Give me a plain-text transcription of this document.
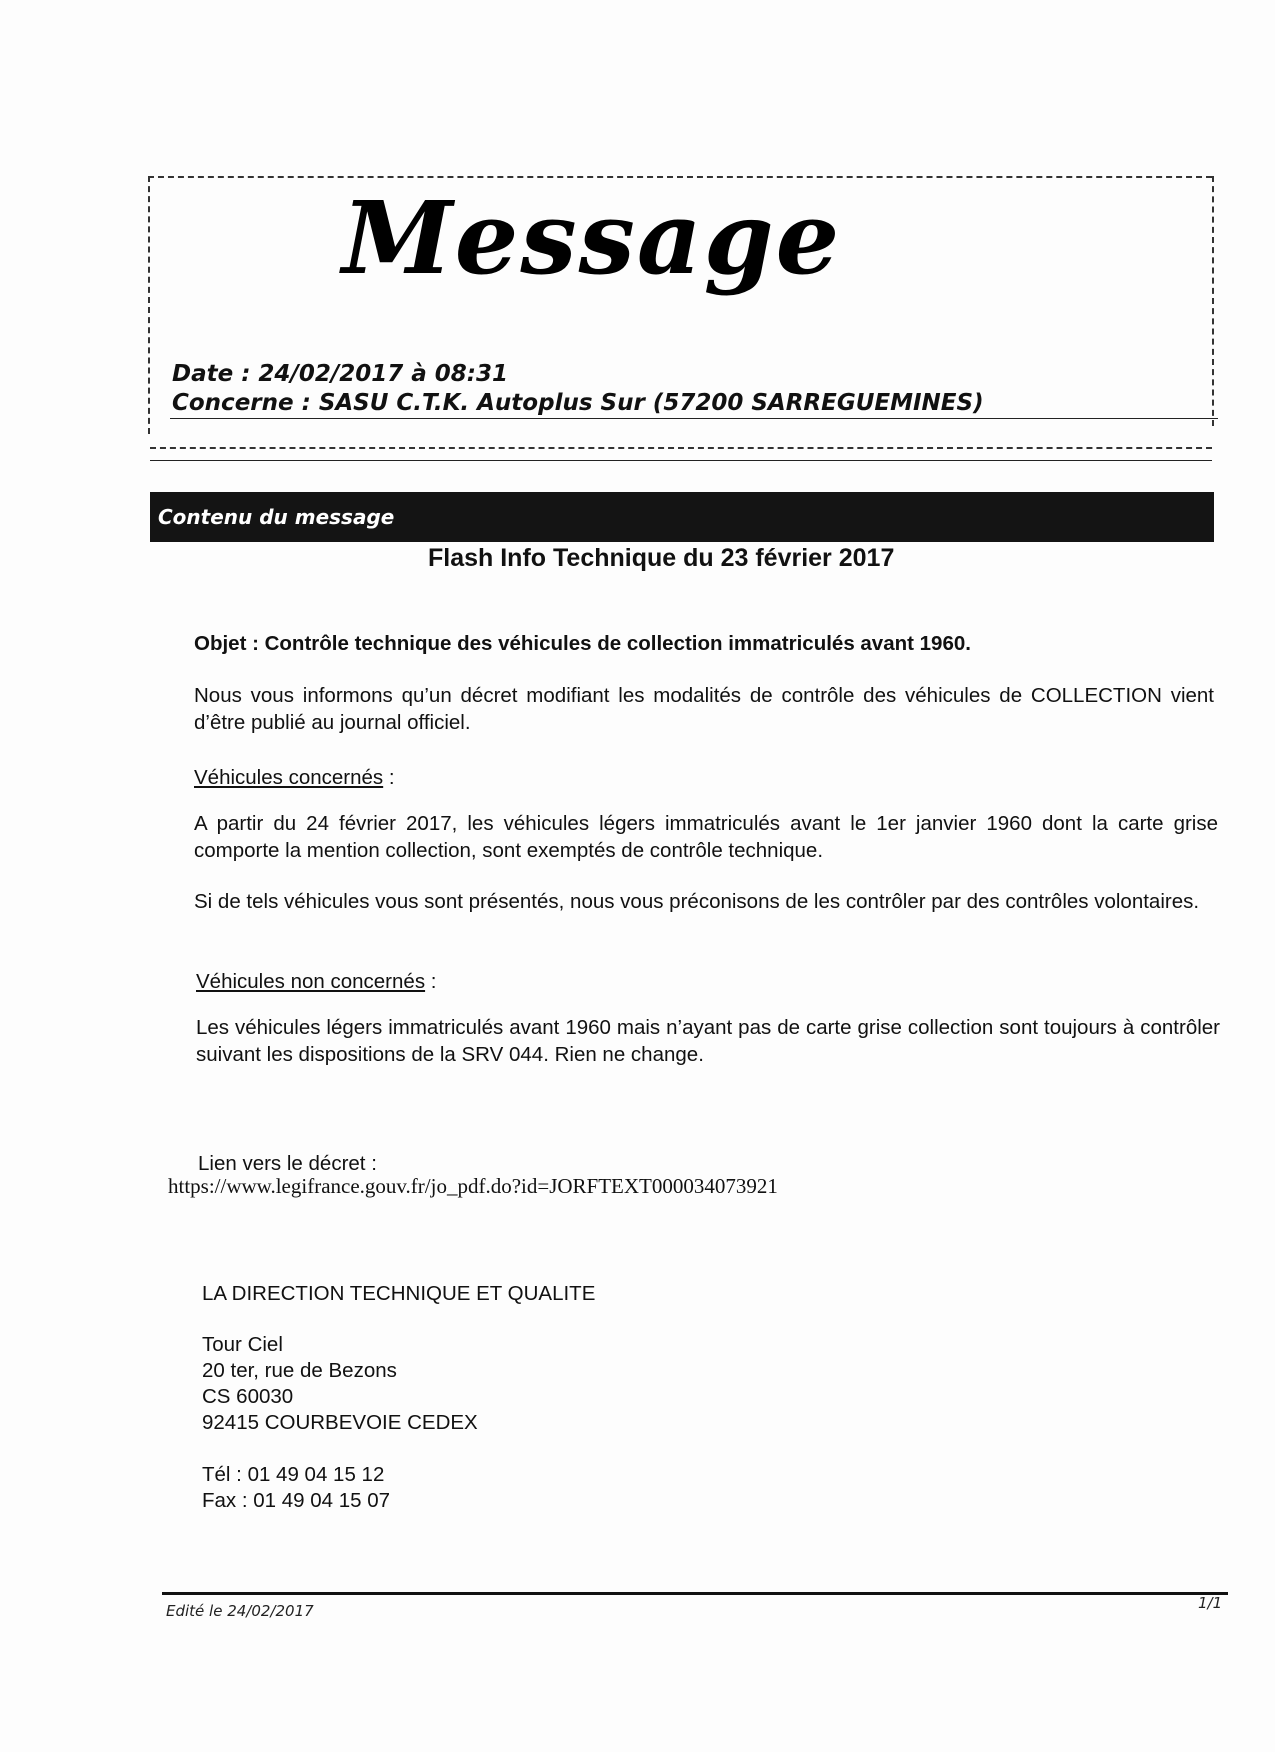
Message
Date : 24/02/2017 à 08:31
Concerne : SASU C.T.K. Autoplus Sur (57200 SARREGUEMINES)
Contenu du message
Flash Info Technique du 23 février 2017
Objet : Contrôle technique des véhicules de collection immatriculés avant 1960.
Nous vous informons qu’un décret modifiant les modalités de contrôle des véhicules de COLLECTION vient d’être publié au journal officiel.
Véhicules concernés :
A partir du 24 février 2017, les véhicules légers immatriculés avant le 1er janvier 1960 dont la carte grise comporte la mention collection, sont exemptés de contrôle technique.
Si de tels véhicules vous sont présentés, nous vous préconisons de les contrôler par des contrôles volontaires.
Véhicules non concernés :
Les véhicules légers immatriculés avant 1960 mais n’ayant pas de carte grise collection sont toujours à contrôler suivant les dispositions de la SRV 044. Rien ne change.
Lien vers le décret :
https://www.legifrance.gouv.fr/jo_pdf.do?id=JORFTEXT000034073921
LA DIRECTION TECHNIQUE ET QUALITE
Tour Ciel
20 ter, rue de Bezons
CS 60030
92415 COURBEVOIE CEDEX
Tél : 01 49 04 15 12
Fax : 01 49 04 15 07
Edité le 24/02/2017	1/1
